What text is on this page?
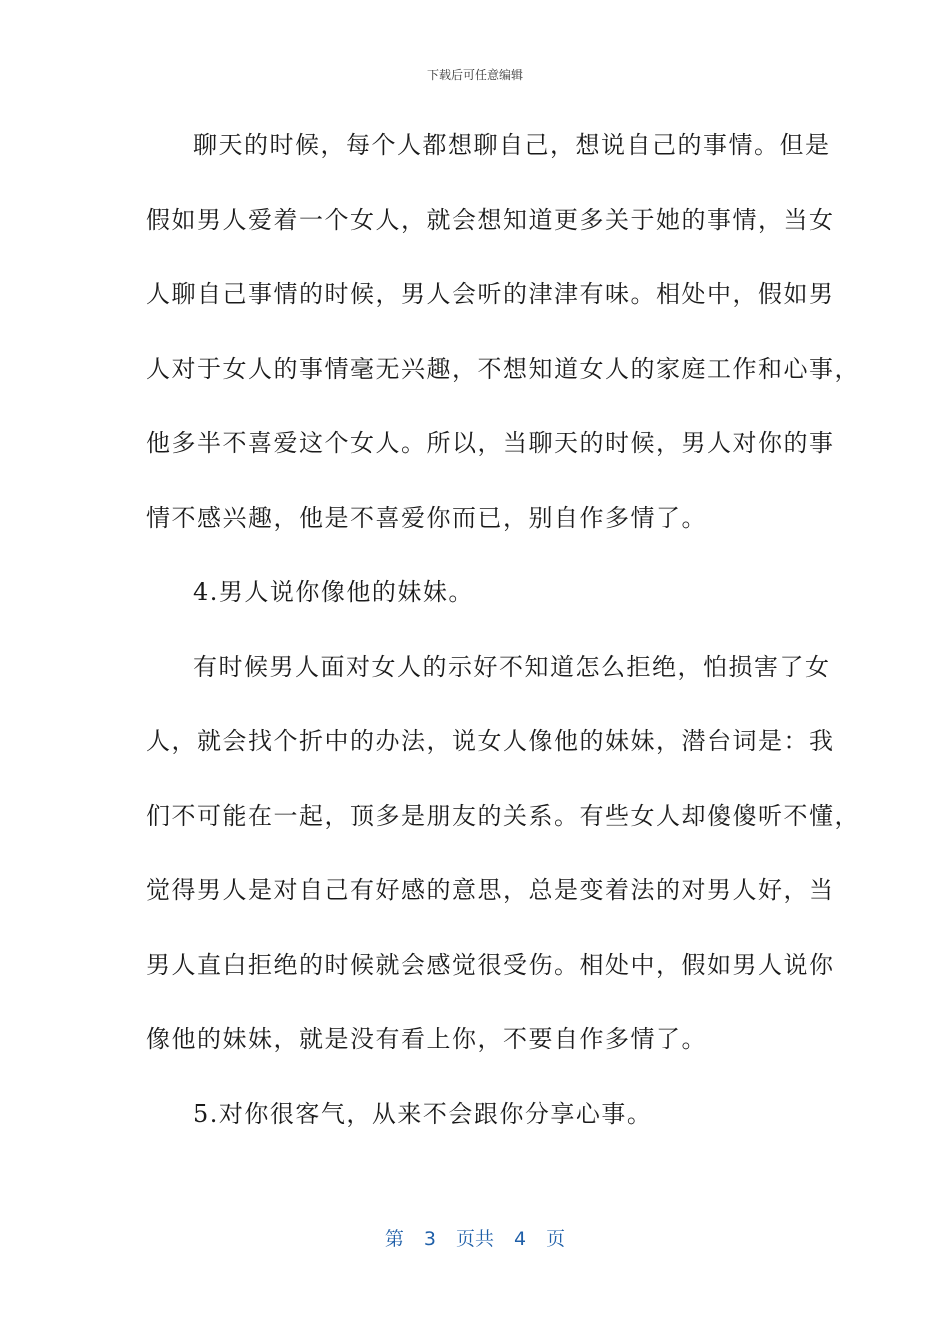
下载后可任意编辑
聊天的时候，每个人都想聊自己，想说自己的事情。但是
假如男人爱着一个女人，就会想知道更多关于她的事情，当女
人聊自己事情的时候，男人会听的津津有味。相处中，假如男
人对于女人的事情毫无兴趣，不想知道女人的家庭工作和心事，
他多半不喜爱这个女人。所以，当聊天的时候，男人对你的事
情不感兴趣，他是不喜爱你而已，别自作多情了。
4.男人说你像他的妹妹。
有时候男人面对女人的示好不知道怎么拒绝，怕损害了女
人，就会找个折中的办法，说女人像他的妹妹，潜台词是：我
们不可能在一起，顶多是朋友的关系。有些女人却傻傻听不懂，
觉得男人是对自己有好感的意思，总是变着法的对男人好，当
男人直白拒绝的时候就会感觉很受伤。相处中，假如男人说你
像他的妹妹，就是没有看上你，不要自作多情了。
5.对你很客气，从来不会跟你分享心事。
第 3 页共 4 页
